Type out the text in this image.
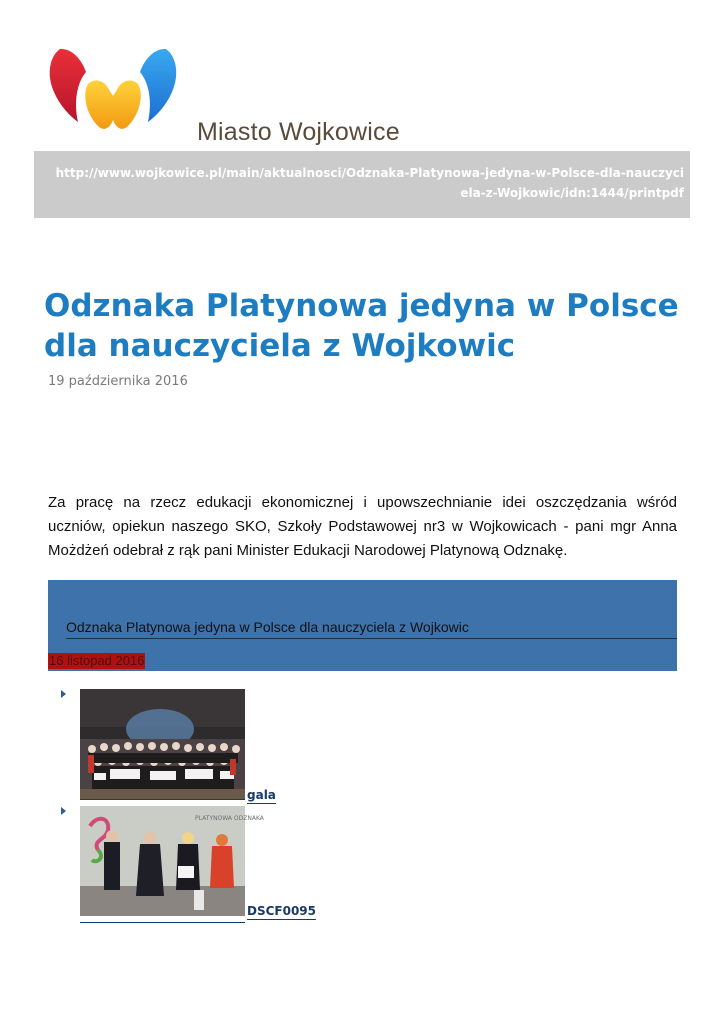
Miasto Wojkowice
http://www.wojkowice.pl/main/aktualnosci/Odznaka-Platynowa-jedyna-w-Polsce-dla-nauczyci
ela-z-Wojkowic/idn:1444/printpdf
Odznaka Platynowa jedyna w Polsce dla nauczyciela z Wojkowic
19 października 2016
Za pracę na rzecz edukacji ekonomicznej i upowszechnianie idei oszczędzania wśród uczniów, opiekun naszego SKO, Szkoły Podstawowej nr3 w Wojkowicach - pani mgr Anna Możdżeń odebrał z rąk pani Minister Edukacji Narodowej Platynową Odznakę.
Odznaka Platynowa jedyna w Polsce dla nauczyciela z Wojkowic
16 listopad 2016
gala
PLATYNOWA ODZNAKA
DSCF0095
